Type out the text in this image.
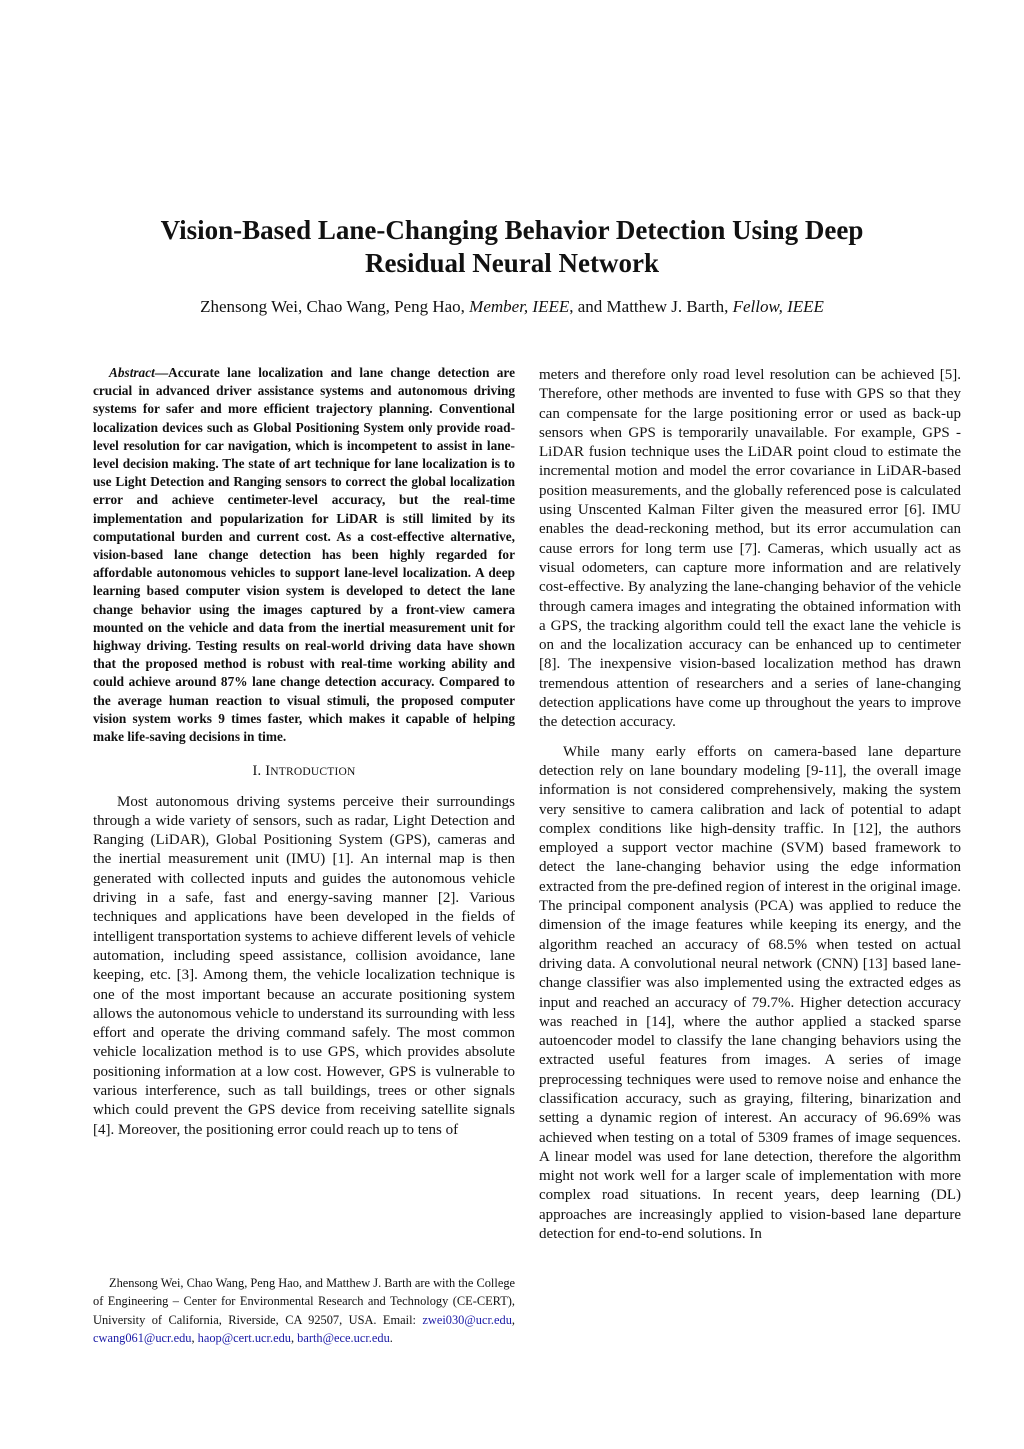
Vision-Based Lane-Changing Behavior Detection Using Deep Residual Neural Network
Zhensong Wei, Chao Wang, Peng Hao, Member, IEEE, and Matthew J. Barth, Fellow, IEEE

Abstract—Accurate lane localization and lane change detection are crucial in advanced driver assistance systems and autonomous driving systems for safer and more efficient trajectory planning. Conventional localization devices such as Global Positioning System only provide road-level resolution for car navigation, which is incompetent to assist in lane-level decision making. The state of art technique for lane localization is to use Light Detection and Ranging sensors to correct the global localization error and achieve centimeter-level accuracy, but the real-time implementation and popularization for LiDAR is still limited by its computational burden and current cost. As a cost-effective alternative, vision-based lane change detection has been highly regarded for affordable autonomous vehicles to support lane-level localization. A deep learning based computer vision system is developed to detect the lane change behavior using the images captured by a front-view camera mounted on the vehicle and data from the inertial measurement unit for highway driving. Testing results on real-world driving data have shown that the proposed method is robust with real-time working ability and could achieve around 87% lane change detection accuracy. Compared to the average human reaction to visual stimuli, the proposed computer vision system works 9 times faster, which makes it capable of helping make life-saving decisions in time.

I. INTRODUCTION

Most autonomous driving systems perceive their surroundings through a wide variety of sensors, such as radar, Light Detection and Ranging (LiDAR), Global Positioning System (GPS), cameras and the inertial measurement unit (IMU) [1]. An internal map is then generated with collected inputs and guides the autonomous vehicle driving in a safe, fast and energy-saving manner [2]. Various techniques and applications have been developed in the fields of intelligent transportation systems to achieve different levels of vehicle automation, including speed assistance, collision avoidance, lane keeping, etc. [3]. Among them, the vehicle localization technique is one of the most important because an accurate positioning system allows the autonomous vehicle to understand its surrounding with less effort and operate the driving command safely. The most common vehicle localization method is to use GPS, which provides absolute positioning information at a low cost. However, GPS is vulnerable to various interference, such as tall buildings, trees or other signals which could prevent the GPS device from receiving satellite signals [4]. Moreover, the positioning error could reach up to tens of

meters and therefore only road level resolution can be achieved [5]. Therefore, other methods are invented to fuse with GPS so that they can compensate for the large positioning error or used as back-up sensors when GPS is temporarily unavailable. For example, GPS - LiDAR fusion technique uses the LiDAR point cloud to estimate the incremental motion and model the error covariance in LiDAR-based position measurements, and the globally referenced pose is calculated using Unscented Kalman Filter given the measured error [6]. IMU enables the dead-reckoning method, but its error accumulation can cause errors for long term use [7]. Cameras, which usually act as visual odometers, can capture more information and are relatively cost-effective. By analyzing the lane-changing behavior of the vehicle through camera images and integrating the obtained information with a GPS, the tracking algorithm could tell the exact lane the vehicle is on and the localization accuracy can be enhanced up to centimeter [8]. The inexpensive vision-based localization method has drawn tremendous attention of researchers and a series of lane-changing detection applications have come up throughout the years to improve the detection accuracy.

While many early efforts on camera-based lane departure detection rely on lane boundary modeling [9-11], the overall image information is not considered comprehensively, making the system very sensitive to camera calibration and lack of potential to adapt complex conditions like high-density traffic. In [12], the authors employed a support vector machine (SVM) based framework to detect the lane-changing behavior using the edge information extracted from the pre-defined region of interest in the original image. The principal component analysis (PCA) was applied to reduce the dimension of the image features while keeping its energy, and the algorithm reached an accuracy of 68.5% when tested on actual driving data. A convolutional neural network (CNN) [13] based lane-change classifier was also implemented using the extracted edges as input and reached an accuracy of 79.7%. Higher detection accuracy was reached in [14], where the author applied a stacked sparse autoencoder model to classify the lane changing behaviors using the extracted useful features from images. A series of image preprocessing techniques were used to remove noise and enhance the classification accuracy, such as graying, filtering, binarization and setting a dynamic region of interest. An accuracy of 96.69% was achieved when testing on a total of 5309 frames of image sequences. A linear model was used for lane detection, therefore the algorithm might not work well for a larger scale of implementation with more complex road situations. In recent years, deep learning (DL) approaches are increasingly applied to vision-based lane departure detection for end-to-end solutions. In

Zhensong Wei, Chao Wang, Peng Hao, and Matthew J. Barth are with the College of Engineering – Center for Environmental Research and Technology (CE-CERT), University of California, Riverside, CA 92507, USA. Email: zwei030@ucr.edu, cwang061@ucr.edu, haop@cert.ucr.edu, barth@ece.ucr.edu.
